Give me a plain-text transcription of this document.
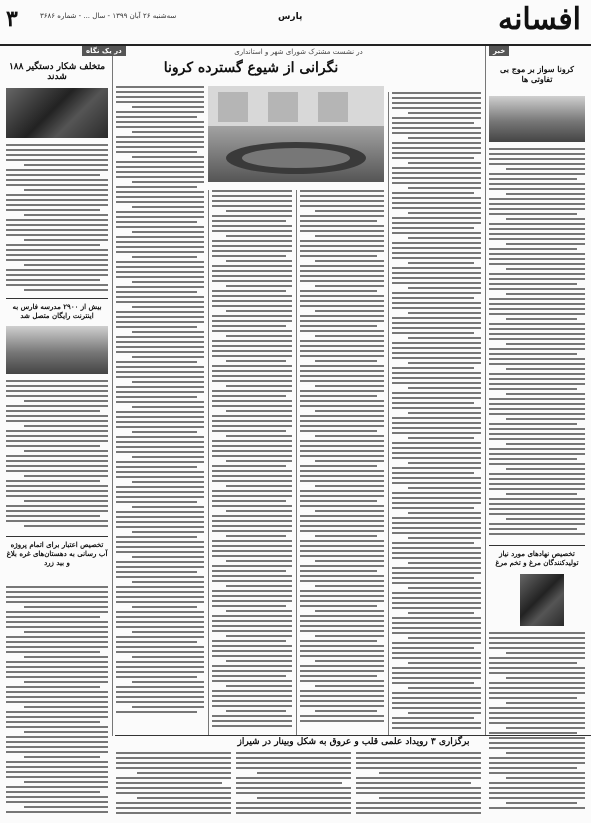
۳	سه‌شنبه ۲۶ آبان ۱۳۹۹ - سال ... - شماره ۳۶۸۶	پارس	افسانه
در یک نگاه
۱۸۸ متخلف شکار دستگیر شدند
بیش از ۲۹۰۰ مدرسه فارس به اینترنت رایگان متصل شد
تخصیص اعتبار برای اتمام پروژه آب رسانی به دهستان‌های غره بلاغ و بید زرد
در نشست مشترک شورای شهر و استانداری
نگرانی از شیوع گسترده کرونا
خبر
کرونا سواز بر موج بی تفاوتی ها
تخصیص نهادهای مورد نیاز تولیدکنندگان مرغ و تخم مرغ
برگزاری ۳ رویداد علمی قلب و عروق به شکل وبینار در شیراز
